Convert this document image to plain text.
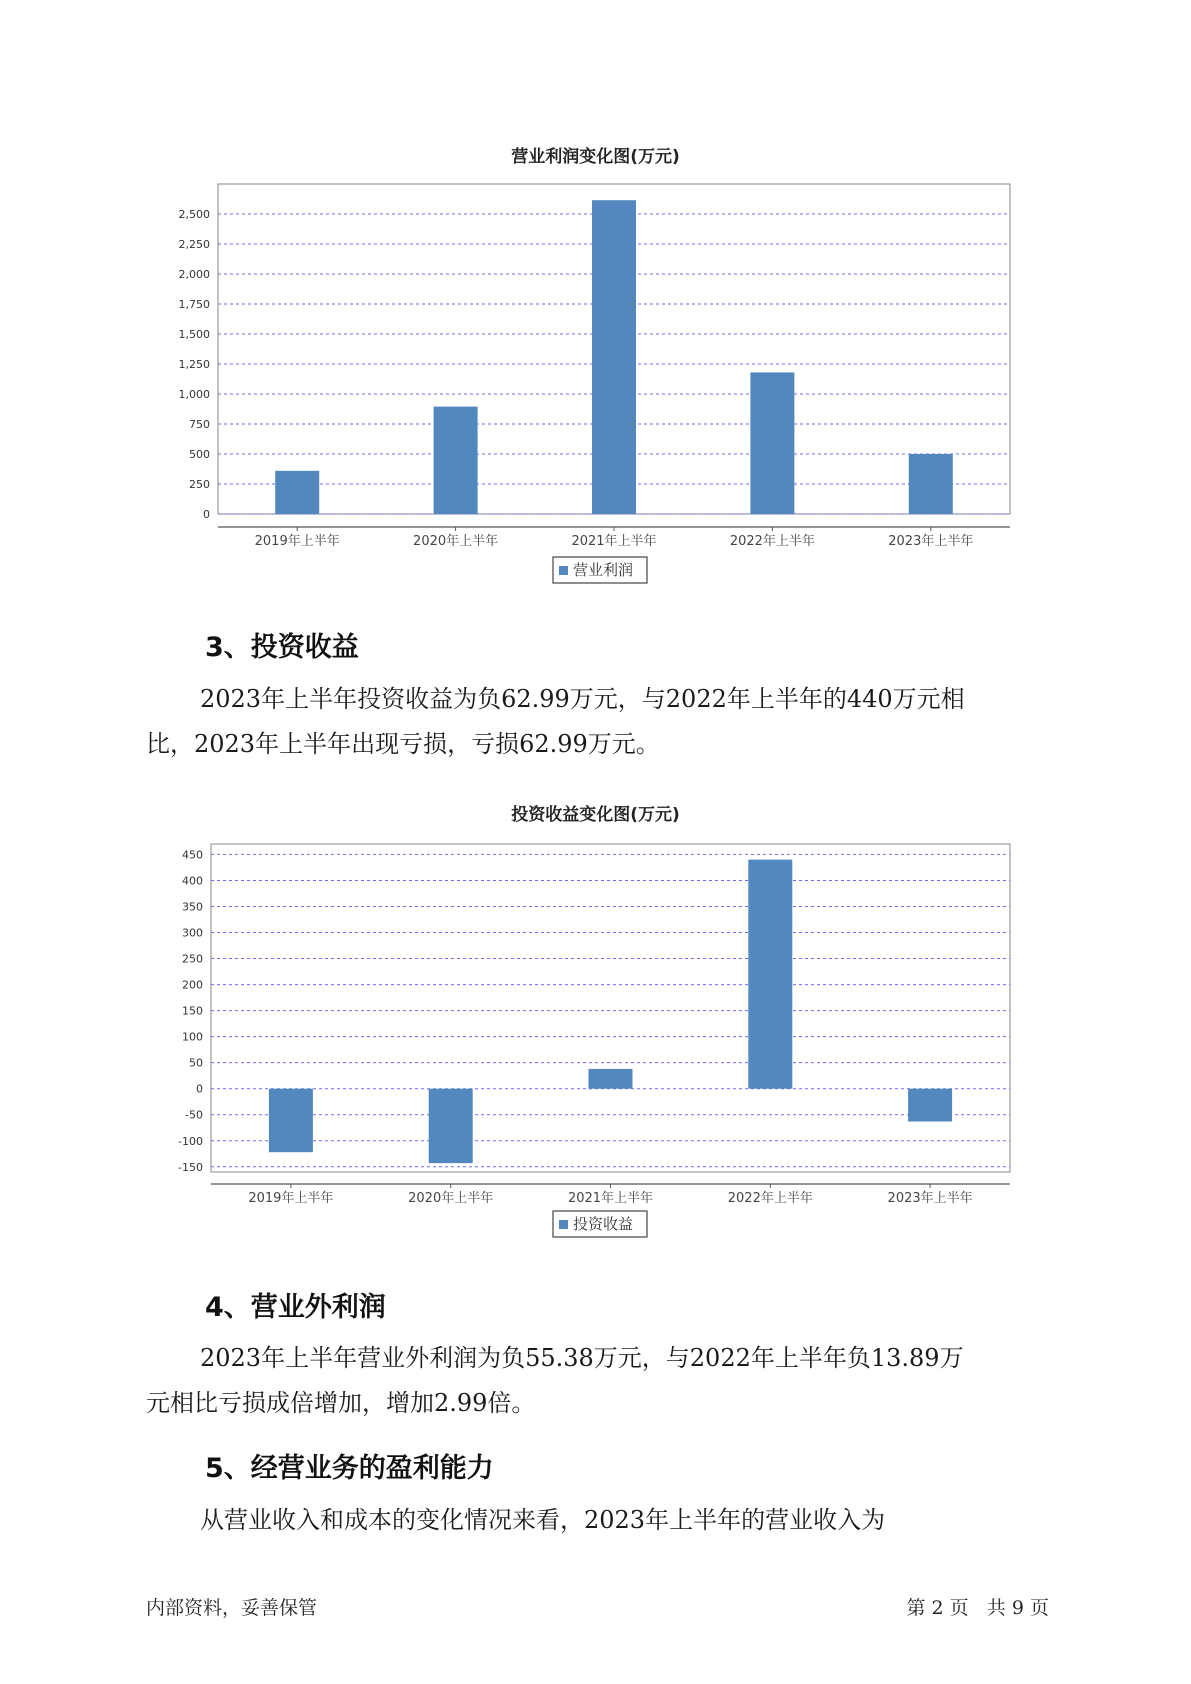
营业利润变化图(万元)
0
250
500
750
1,000
1,250
1,500
1,750
2,000
2,250
2,500
2019年上半年	2020年上半年	2021年上半年	2022年上半年	2023年上半年
营业利润
3、投资收益
2023年上半年投资收益为负62.99万元，与2022年上半年的440万元相
比，2023年上半年出现亏损，亏损62.99万元。
投资收益变化图(万元)
-150
-100
-50
0
50
100
150
200
250
300
350
400
450
2019年上半年	2020年上半年	2021年上半年	2022年上半年	2023年上半年
投资收益
4、营业外利润
2023年上半年营业外利润为负55.38万元，与2022年上半年负13.89万
元相比亏损成倍增加，增加2.99倍。
5、经营业务的盈利能力
从营业收入和成本的变化情况来看，2023年上半年的营业收入为
内部资料，妥善保管	第 2 页 共 9 页
